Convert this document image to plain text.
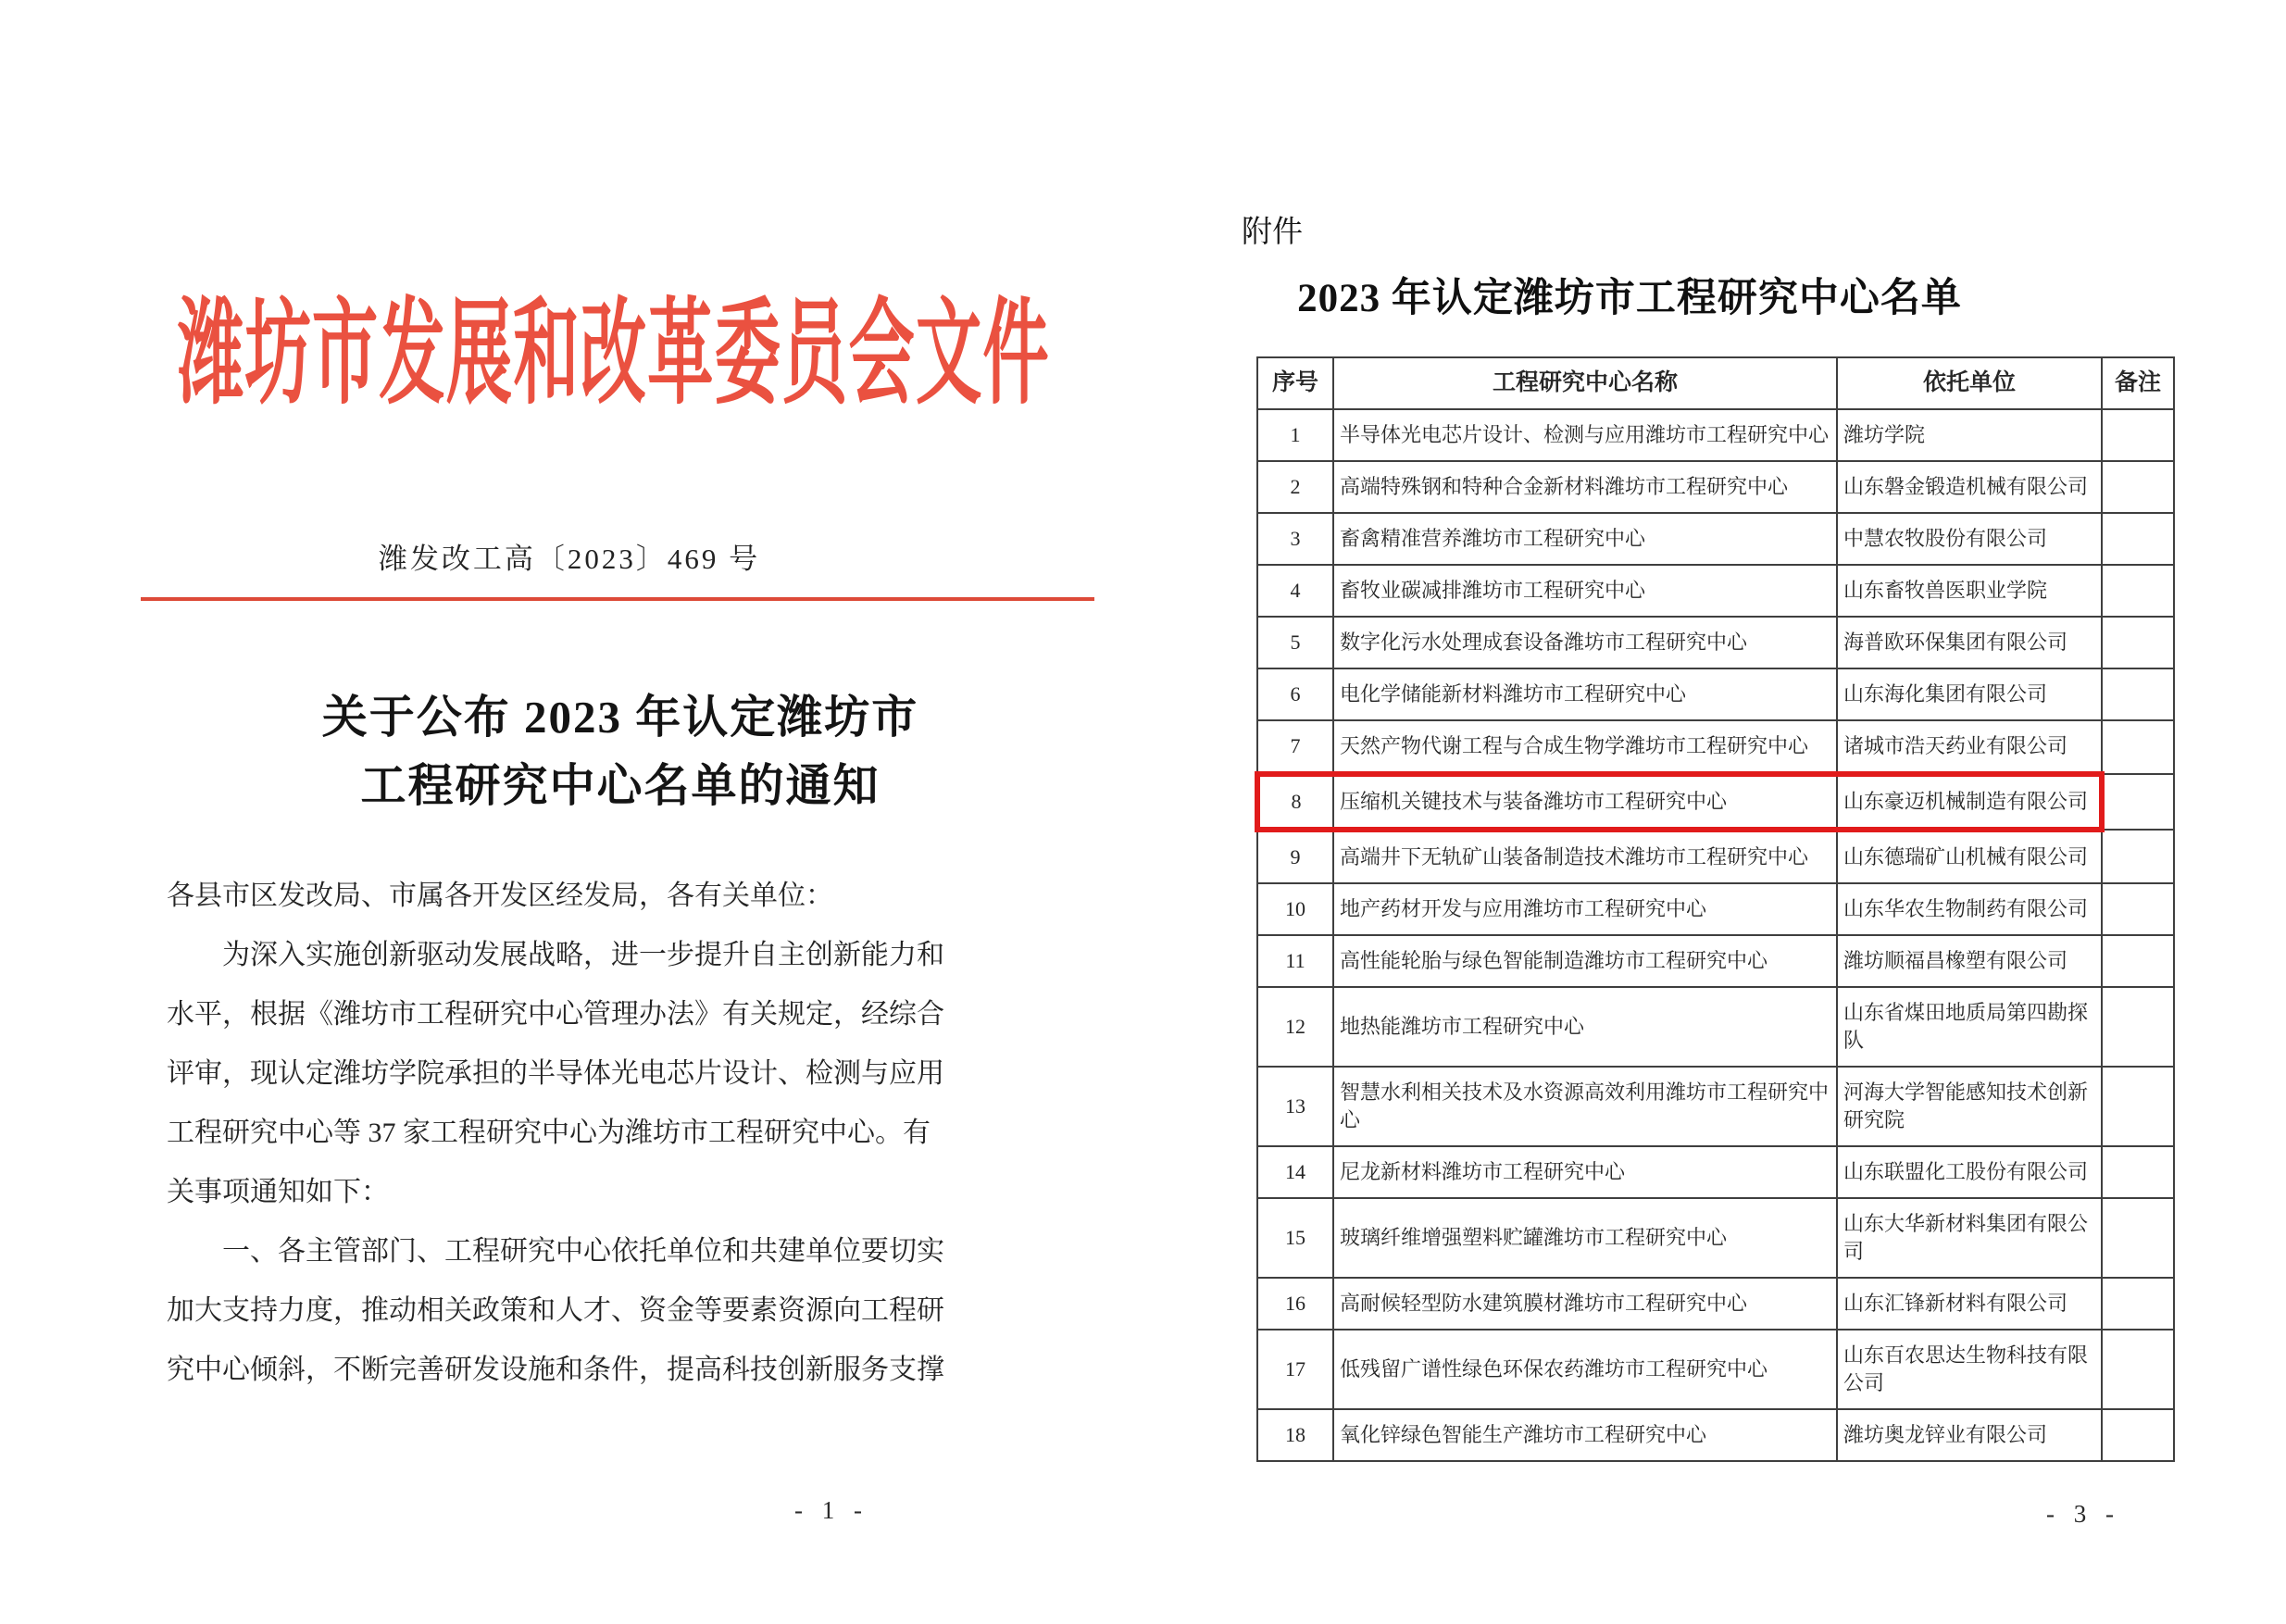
潍坊市发展和改革委员会文件
潍发改工高〔2023〕469 号
关于公布 2023 年认定潍坊市
工程研究中心名单的通知
各县市区发改局、市属各开发区经发局，各有关单位：
　　为深入实施创新驱动发展战略，进一步提升自主创新能力和
水平，根据《潍坊市工程研究中心管理办法》有关规定，经综合
评审，现认定潍坊学院承担的半导体光电芯片设计、检测与应用
工程研究中心等 37 家工程研究中心为潍坊市工程研究中心。有
关事项通知如下：
　　一、各主管部门、工程研究中心依托单位和共建单位要切实
加大支持力度，推动相关政策和人才、资金等要素资源向工程研
究中心倾斜，不断完善研发设施和条件，提高科技创新服务支撑
- 1 -
附件
2023 年认定潍坊市工程研究中心名单
序号	工程研究中心名称	依托单位	备注
1	半导体光电芯片设计、检测与应用潍坊市工程研究中心	潍坊学院	
2	高端特殊钢和特种合金新材料潍坊市工程研究中心	山东磐金锻造机械有限公司	
3	畜禽精准营养潍坊市工程研究中心	中慧农牧股份有限公司	
4	畜牧业碳减排潍坊市工程研究中心	山东畜牧兽医职业学院	
5	数字化污水处理成套设备潍坊市工程研究中心	海普欧环保集团有限公司	
6	电化学储能新材料潍坊市工程研究中心	山东海化集团有限公司	
7	天然产物代谢工程与合成生物学潍坊市工程研究中心	诸城市浩天药业有限公司	
8	压缩机关键技术与装备潍坊市工程研究中心	山东豪迈机械制造有限公司	
9	高端井下无轨矿山装备制造技术潍坊市工程研究中心	山东德瑞矿山机械有限公司	
10	地产药材开发与应用潍坊市工程研究中心	山东华农生物制药有限公司	
11	高性能轮胎与绿色智能制造潍坊市工程研究中心	潍坊顺福昌橡塑有限公司	
12	地热能潍坊市工程研究中心	山东省煤田地质局第四勘探队	
13	智慧水利相关技术及水资源高效利用潍坊市工程研究中心	河海大学智能感知技术创新研究院	
14	尼龙新材料潍坊市工程研究中心	山东联盟化工股份有限公司	
15	玻璃纤维增强塑料贮罐潍坊市工程研究中心	山东大华新材料集团有限公司	
16	高耐候轻型防水建筑膜材潍坊市工程研究中心	山东汇锋新材料有限公司	
17	低残留广谱性绿色环保农药潍坊市工程研究中心	山东百农思达生物科技有限公司	
18	氧化锌绿色智能生产潍坊市工程研究中心	潍坊奥龙锌业有限公司	
- 3 -
